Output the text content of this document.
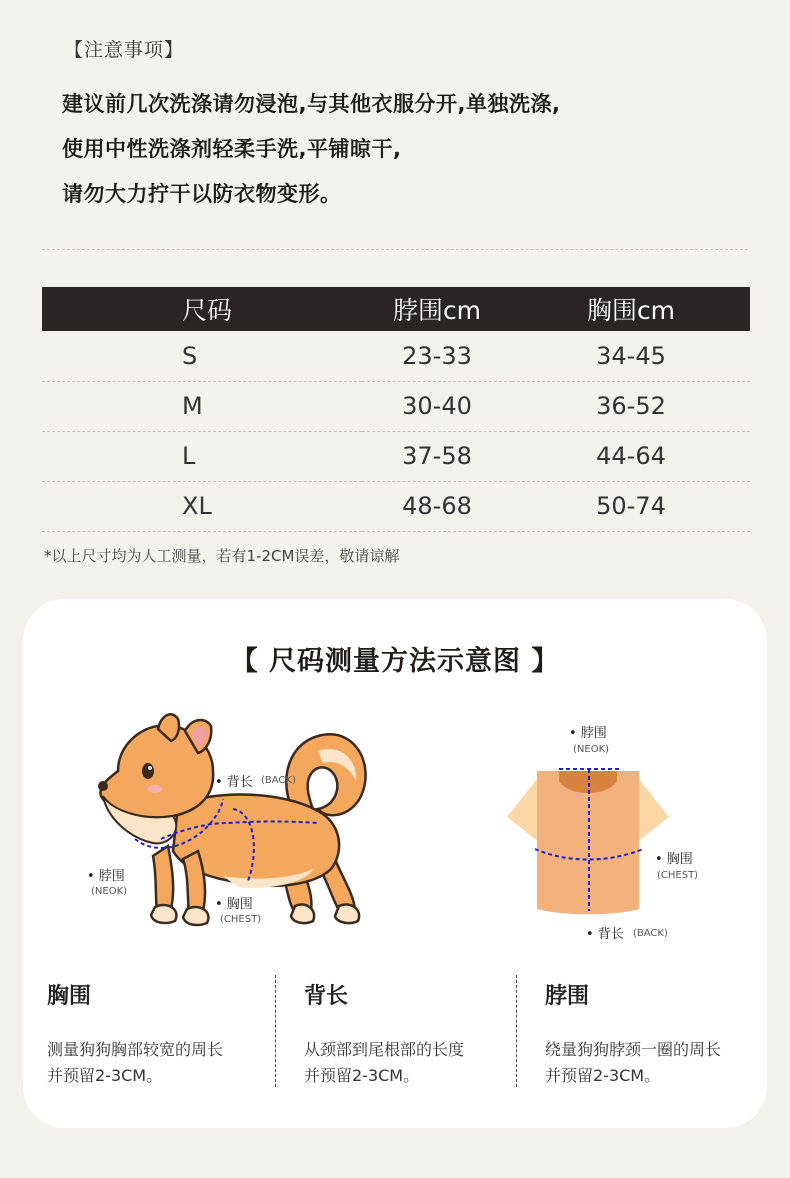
【注意事项】
建议前几次洗涤请勿浸泡,与其他衣服分开,单独洗涤,
使用中性洗涤剂轻柔手洗,平铺晾干,
请勿大力拧干以防衣物变形。
尺码	脖围cm	胸围cm
S	23-33	34-45
M	30-40	36-52
L	37-58	44-64
XL	48-68	50-74
*以上尺寸均为人工测量，若有1-2CM误差，敬请谅解
【 尺码测量方法示意图 】
• 背长 (BACK)
• 脖围
(NEOK)
• 胸围
(CHEST)
• 脖围
(NEOK)
• 胸围
(CHEST)
• 背长 (BACK)
胸围
测量狗狗胸部较宽的周长
并预留2-3CM。
背长
从颈部到尾根部的长度
并预留2-3CM。
脖围
绕量狗狗脖颈一圈的周长
并预留2-3CM。
